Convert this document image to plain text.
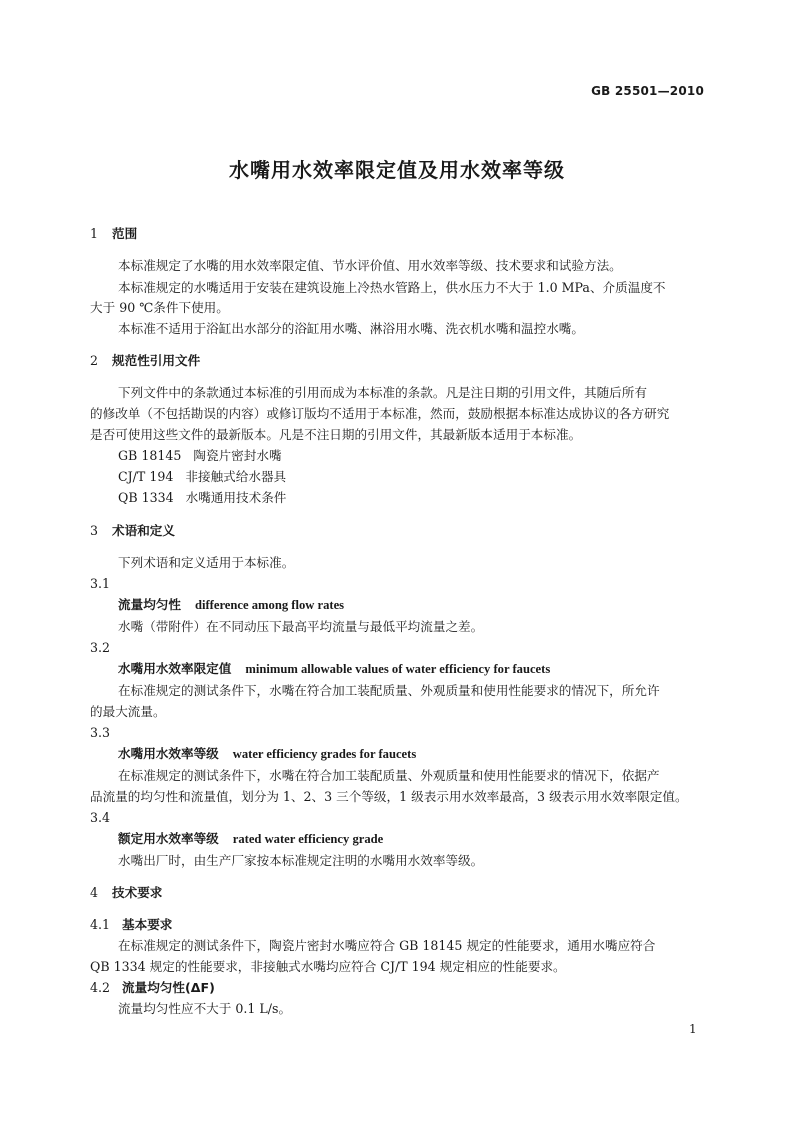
GB 25501—2010
水嘴用水效率限定值及用水效率等级
1 范围
本标准规定了水嘴的用水效率限定值、节水评价值、用水效率等级、技术要求和试验方法。
本标准规定的水嘴适用于安装在建筑设施上冷热水管路上，供水压力不大于 1.0 MPa、介质温度不
大于 90 ℃条件下使用。
本标准不适用于浴缸出水部分的浴缸用水嘴、淋浴用水嘴、洗衣机水嘴和温控水嘴。
2 规范性引用文件
下列文件中的条款通过本标准的引用而成为本标准的条款。凡是注日期的引用文件，其随后所有
的修改单（不包括勘误的内容）或修订版均不适用于本标准，然而，鼓励根据本标准达成协议的各方研究
是否可使用这些文件的最新版本。凡是不注日期的引用文件，其最新版本适用于本标准。
GB 18145 陶瓷片密封水嘴
CJ/T 194 非接触式给水器具
QB 1334 水嘴通用技术条件
3 术语和定义
下列术语和定义适用于本标准。
3.1
流量均匀性 difference among flow rates
水嘴（带附件）在不同动压下最高平均流量与最低平均流量之差。
3.2
水嘴用水效率限定值 minimum allowable values of water efficiency for faucets
在标准规定的测试条件下，水嘴在符合加工装配质量、外观质量和使用性能要求的情况下，所允许
的最大流量。
3.3
水嘴用水效率等级 water efficiency grades for faucets
在标准规定的测试条件下，水嘴在符合加工装配质量、外观质量和使用性能要求的情况下，依据产
品流量的均匀性和流量值，划分为 1、2、3 三个等级，1 级表示用水效率最高，3 级表示用水效率限定值。
3.4
额定用水效率等级 rated water efficiency grade
水嘴出厂时，由生产厂家按本标准规定注明的水嘴用水效率等级。
4 技术要求
4.1 基本要求
在标准规定的测试条件下，陶瓷片密封水嘴应符合 GB 18145 规定的性能要求，通用水嘴应符合
QB 1334 规定的性能要求，非接触式水嘴均应符合 CJ/T 194 规定相应的性能要求。
4.2 流量均匀性(ΔF)
流量均匀性应不大于 0.1 L/s。
1
